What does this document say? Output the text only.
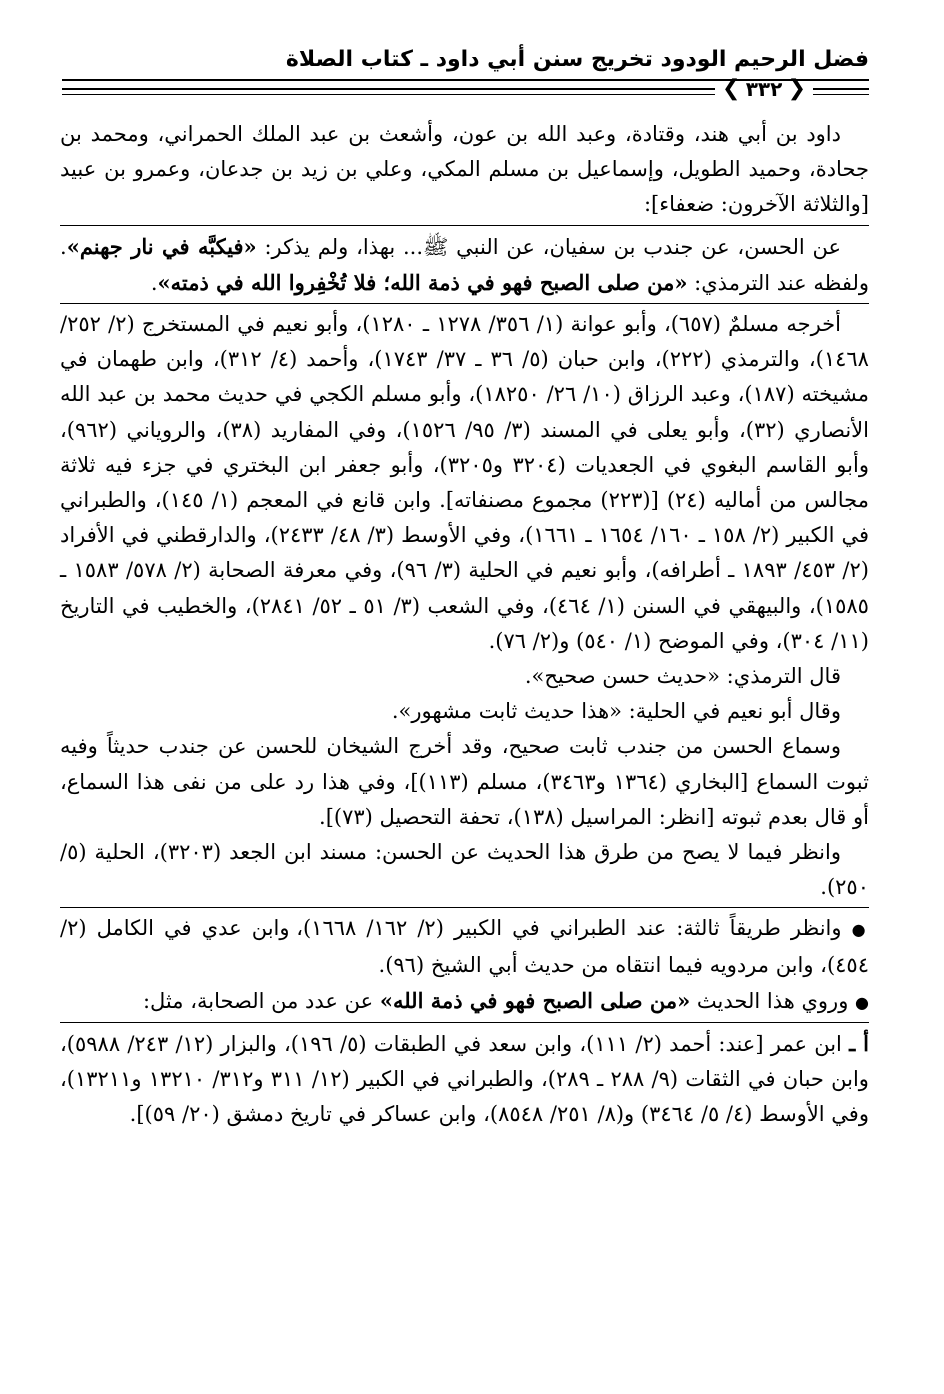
فضل الرحيم الودود تخريج سنن أبي داود ـ كتاب الصلاة
❮
٣٣٢
❯

داود بن أبي هند، وقتادة، وعبد الله بن عون، وأشعث بن عبد الملك الحمراني، ومحمد بن جحادة، وحميد الطويل، وإسماعيل بن مسلم المكي، وعلي بن زيد بن جدعان، وعمرو بن عبيد [والثلاثة الآخرون: ضعفاء]:

عن الحسن، عن جندب بن سفيان، عن النبي ﷺ... بهذا، ولم يذكر: «فيكبَّه في نار جهنم». ولفظه عند الترمذي: «من صلى الصبح فهو في ذمة الله؛ فلا تُخْفِروا الله في ذمته».

أخرجه مسلمٌ (٦٥٧)، وأبو عوانة (١/ ٣٥٦/ ١٢٧٨ ـ ١٢٨٠)، وأبو نعيم في المستخرج (٢/ ٢٥٢/ ١٤٦٨)، والترمذي (٢٢٢)، وابن حبان (٥/ ٣٦ ـ ٣٧/ ١٧٤٣)، وأحمد (٤/ ٣١٢)، وابن طهمان في مشيخته (١٨٧)، وعبد الرزاق (١٠/ ٢٦/ ١٨٢٥٠)، وأبو مسلم الكجي في حديث محمد بن عبد الله الأنصاري (٣٢)، وأبو يعلى في المسند (٣/ ٩٥/ ١٥٢٦)، وفي المفاريد (٣٨)، والروياني (٩٦٢)، وأبو القاسم البغوي في الجعديات (٣٢٠٤ و٣٢٠٥)، وأبو جعفر ابن البختري في جزء فيه ثلاثة مجالس من أماليه (٢٤) [(٢٢٣) مجموع مصنفاته]. وابن قانع في المعجم (١/ ١٤٥)، والطبراني في الكبير (٢/ ١٥٨ ـ ١٦٠/ ١٦٥٤ ـ ١٦٦١)، وفي الأوسط (٣/ ٤٨/ ٢٤٣٣)، والدارقطني في الأفراد (٢/ ٤٥٣/ ١٨٩٣ ـ أطرافه)، وأبو نعيم في الحلية (٣/ ٩٦)، وفي معرفة الصحابة (٢/ ٥٧٨/ ١٥٨٣ ـ ١٥٨٥)، والبيهقي في السنن (١/ ٤٦٤)، وفي الشعب (٣/ ٥١ ـ ٥٢/ ٢٨٤١)، والخطيب في التاريخ (١١/ ٣٠٤)، وفي الموضح (١/ ٥٤٠) و(٢/ ٧٦).

قال الترمذي: «حديث حسن صحيح».

وقال أبو نعيم في الحلية: «هذا حديث ثابت مشهور».

وسماع الحسن من جندب ثابت صحيح، وقد أخرج الشيخان للحسن عن جندب حديثاً وفيه ثبوت السماع [البخاري (١٣٦٤ و٣٤٦٣)، مسلم (١١٣)]، وفي هذا رد على من نفى هذا السماع، أو قال بعدم ثبوته [انظر: المراسيل (١٣٨)، تحفة التحصيل (٧٣)].

وانظر فيما لا يصح من طرق هذا الحديث عن الحسن: مسند ابن الجعد (٣٢٠٣)، الحلية (٥/ ٢٥٠).

● وانظر طريقاً ثالثة: عند الطبراني في الكبير (٢/ ١٦٢/ ١٦٦٨)، وابن عدي في الكامل (٢/ ٤٥٤)، وابن مردويه فيما انتقاه من حديث أبي الشيخ (٩٦).

● وروي هذا الحديث «من صلى الصبح فهو في ذمة الله» عن عدد من الصحابة، مثل:

أ ـ ابن عمر [عند: أحمد (٢/ ١١١)، وابن سعد في الطبقات (٥/ ١٩٦)، والبزار (١٢/ ٢٤٣/ ٥٩٨٨)، وابن حبان في الثقات (٩/ ٢٨٨ ـ ٢٨٩)، والطبراني في الكبير (١٢/ ٣١١ و٣١٢/ ١٣٢١٠ و١٣٢١١)، وفي الأوسط (٤/ ٥/ ٣٤٦٤) و(٨/ ٢٥١/ ٨٥٤٨)، وابن عساكر في تاريخ دمشق (٢٠/ ٥٩)].
